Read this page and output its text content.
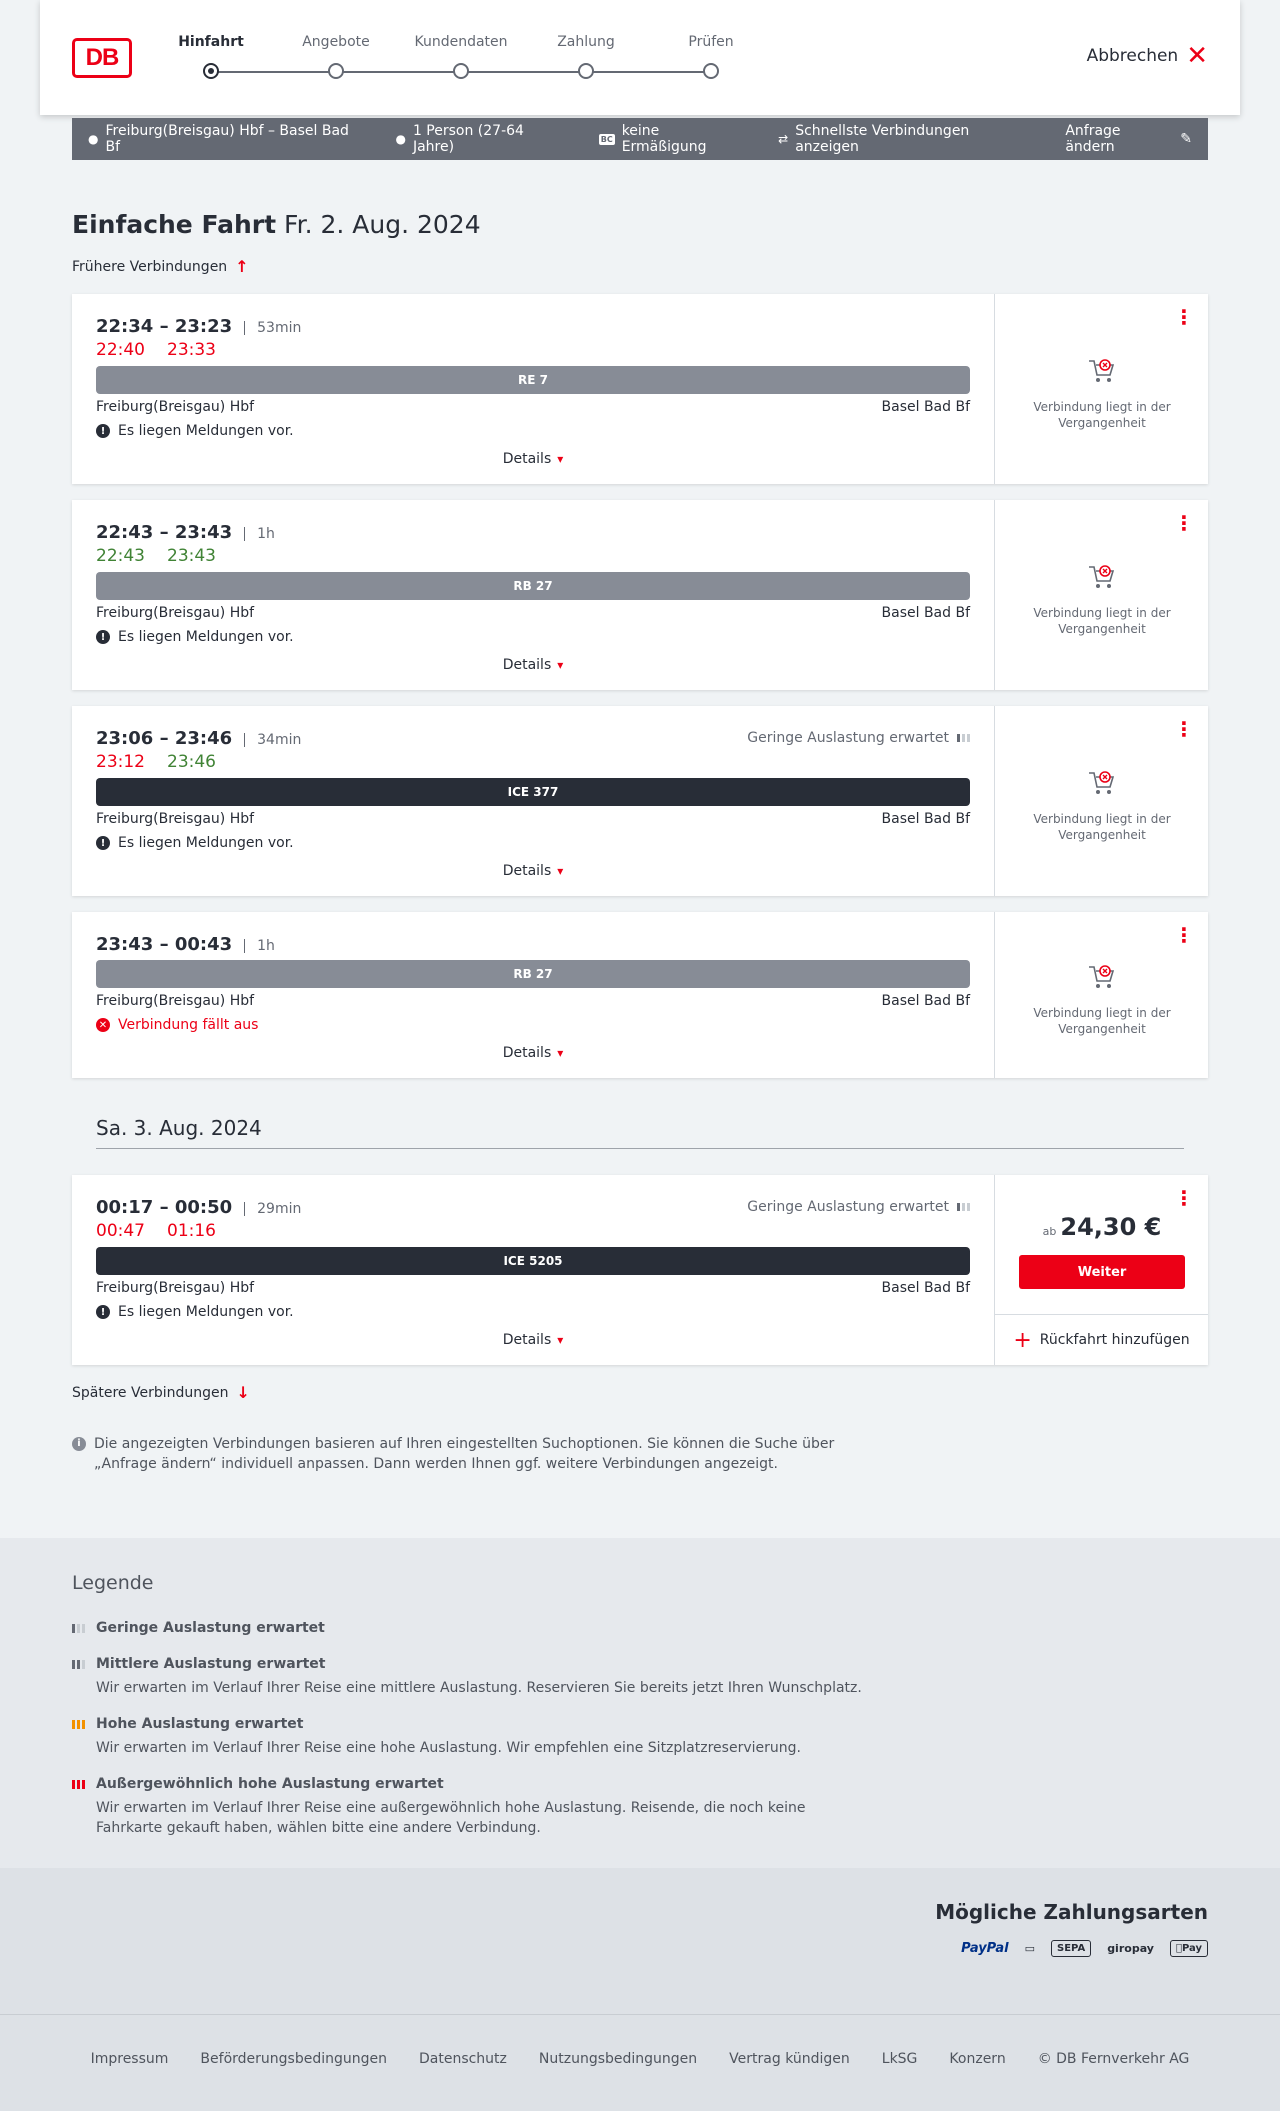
DB
Hinfahrt	Angebote	Kundendaten	Zahlung	Prüfen
Abbrechen ✕
● Freiburg(Breisgau) Hbf – Basel Bad Bf	● 1 Person (27-64 Jahre)	BC keine Ermäßigung	⇄ Schnellste Verbindungen anzeigen
Anfrage ändern	✎
Einfache Fahrt Fr. 2. Aug. 2024
Frühere Verbindungen ↑
22:34 – 23:23	53min
22:40 23:33
RE 7
Freiburg(Breisgau) Hbf	Basel Bad Bf
! Es liegen Meldungen vor.
Details ▾
⋮
Verbindung liegt in der Vergangenheit
22:43 – 23:43	1h
22:43 23:43
RB 27
Freiburg(Breisgau) Hbf	Basel Bad Bf
! Es liegen Meldungen vor.
Details ▾
⋮
Verbindung liegt in der Vergangenheit
23:06 – 23:46	34min	Geringe Auslastung erwartet
23:12 23:46
ICE 377
Freiburg(Breisgau) Hbf	Basel Bad Bf
! Es liegen Meldungen vor.
Details ▾
⋮
Verbindung liegt in der Vergangenheit
23:43 – 00:43	1h
RB 27
Freiburg(Breisgau) Hbf	Basel Bad Bf
✕ Verbindung fällt aus
Details ▾
⋮
Verbindung liegt in der Vergangenheit
Sa. 3. Aug. 2024
00:17 – 00:50	29min	Geringe Auslastung erwartet
00:47 01:16
ICE 5205
Freiburg(Breisgau) Hbf	Basel Bad Bf
! Es liegen Meldungen vor.
Details ▾
⋮
ab 24,30 €
Weiter
+ Rückfahrt hinzufügen
Spätere Verbindungen ↓
i Die angezeigten Verbindungen basieren auf Ihren eingestellten Suchoptionen. Sie können die Suche über „Anfrage ändern“ individuell anpassen. Dann werden Ihnen ggf. weitere Verbindungen angezeigt.
Legende
Geringe Auslastung erwartet
Mittlere Auslastung erwartet
Wir erwarten im Verlauf Ihrer Reise eine mittlere Auslastung. Reservieren Sie bereits jetzt Ihren Wunschplatz.
Hohe Auslastung erwartet
Wir erwarten im Verlauf Ihrer Reise eine hohe Auslastung. Wir empfehlen eine Sitzplatzreservierung.
Außergewöhnlich hohe Auslastung erwartet
Wir erwarten im Verlauf Ihrer Reise eine außergewöhnlich hohe Auslastung. Reisende, die noch keine Fahrkarte gekauft haben, wählen bitte eine andere Verbindung.
Mögliche Zahlungsarten
PayPal	▭	SEPA	giropay	Pay
Impressum Beförderungsbedingungen Datenschutz Nutzungsbedingungen Vertrag kündigen LkSG Konzern © DB Fernverkehr AG
